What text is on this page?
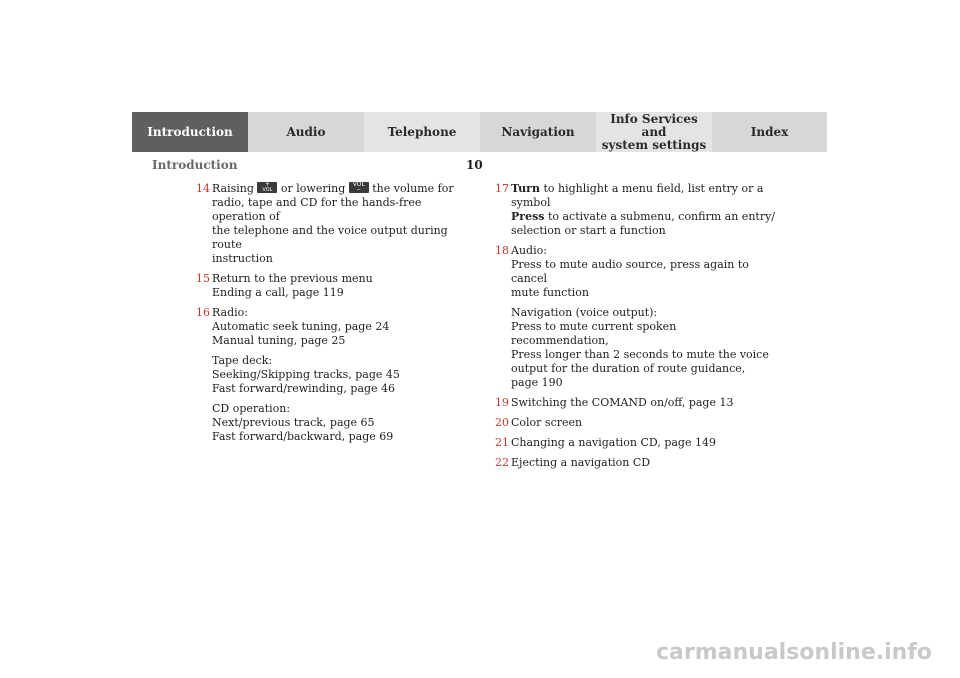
Introduction	Audio	Telephone	Navigation
Info Services and
system settings
Index
Introduction	10
14 Raising	+
VOL or lowering	VOL
−	the volume for
radio, tape and CD for the hands-free operation of
the telephone and the voice output during route
instruction
15 Return to the previous menu
Ending a call, page 119
16 Radio:
Automatic seek tuning, page 24
Manual tuning, page 25
Tape deck:
Seeking/Skipping tracks, page 45
Fast forward/rewinding, page 46
CD operation:
Next/previous track, page 65
Fast forward/backward, page 69
17 Turn to highlight a menu field, list entry or a
symbol
Press to activate a submenu, confirm an entry/
selection or start a function
18 Audio:
Press to mute audio source, press again to cancel
mute function
Navigation (voice output):
Press to mute current spoken recommendation,
Press longer than 2 seconds to mute the voice
output for the duration of route guidance, page 190
19 Switching the COMAND on/off, page 13
20 Color screen
21 Changing a navigation CD, page 149
22 Ejecting a navigation CD
carmanualsonline.info
